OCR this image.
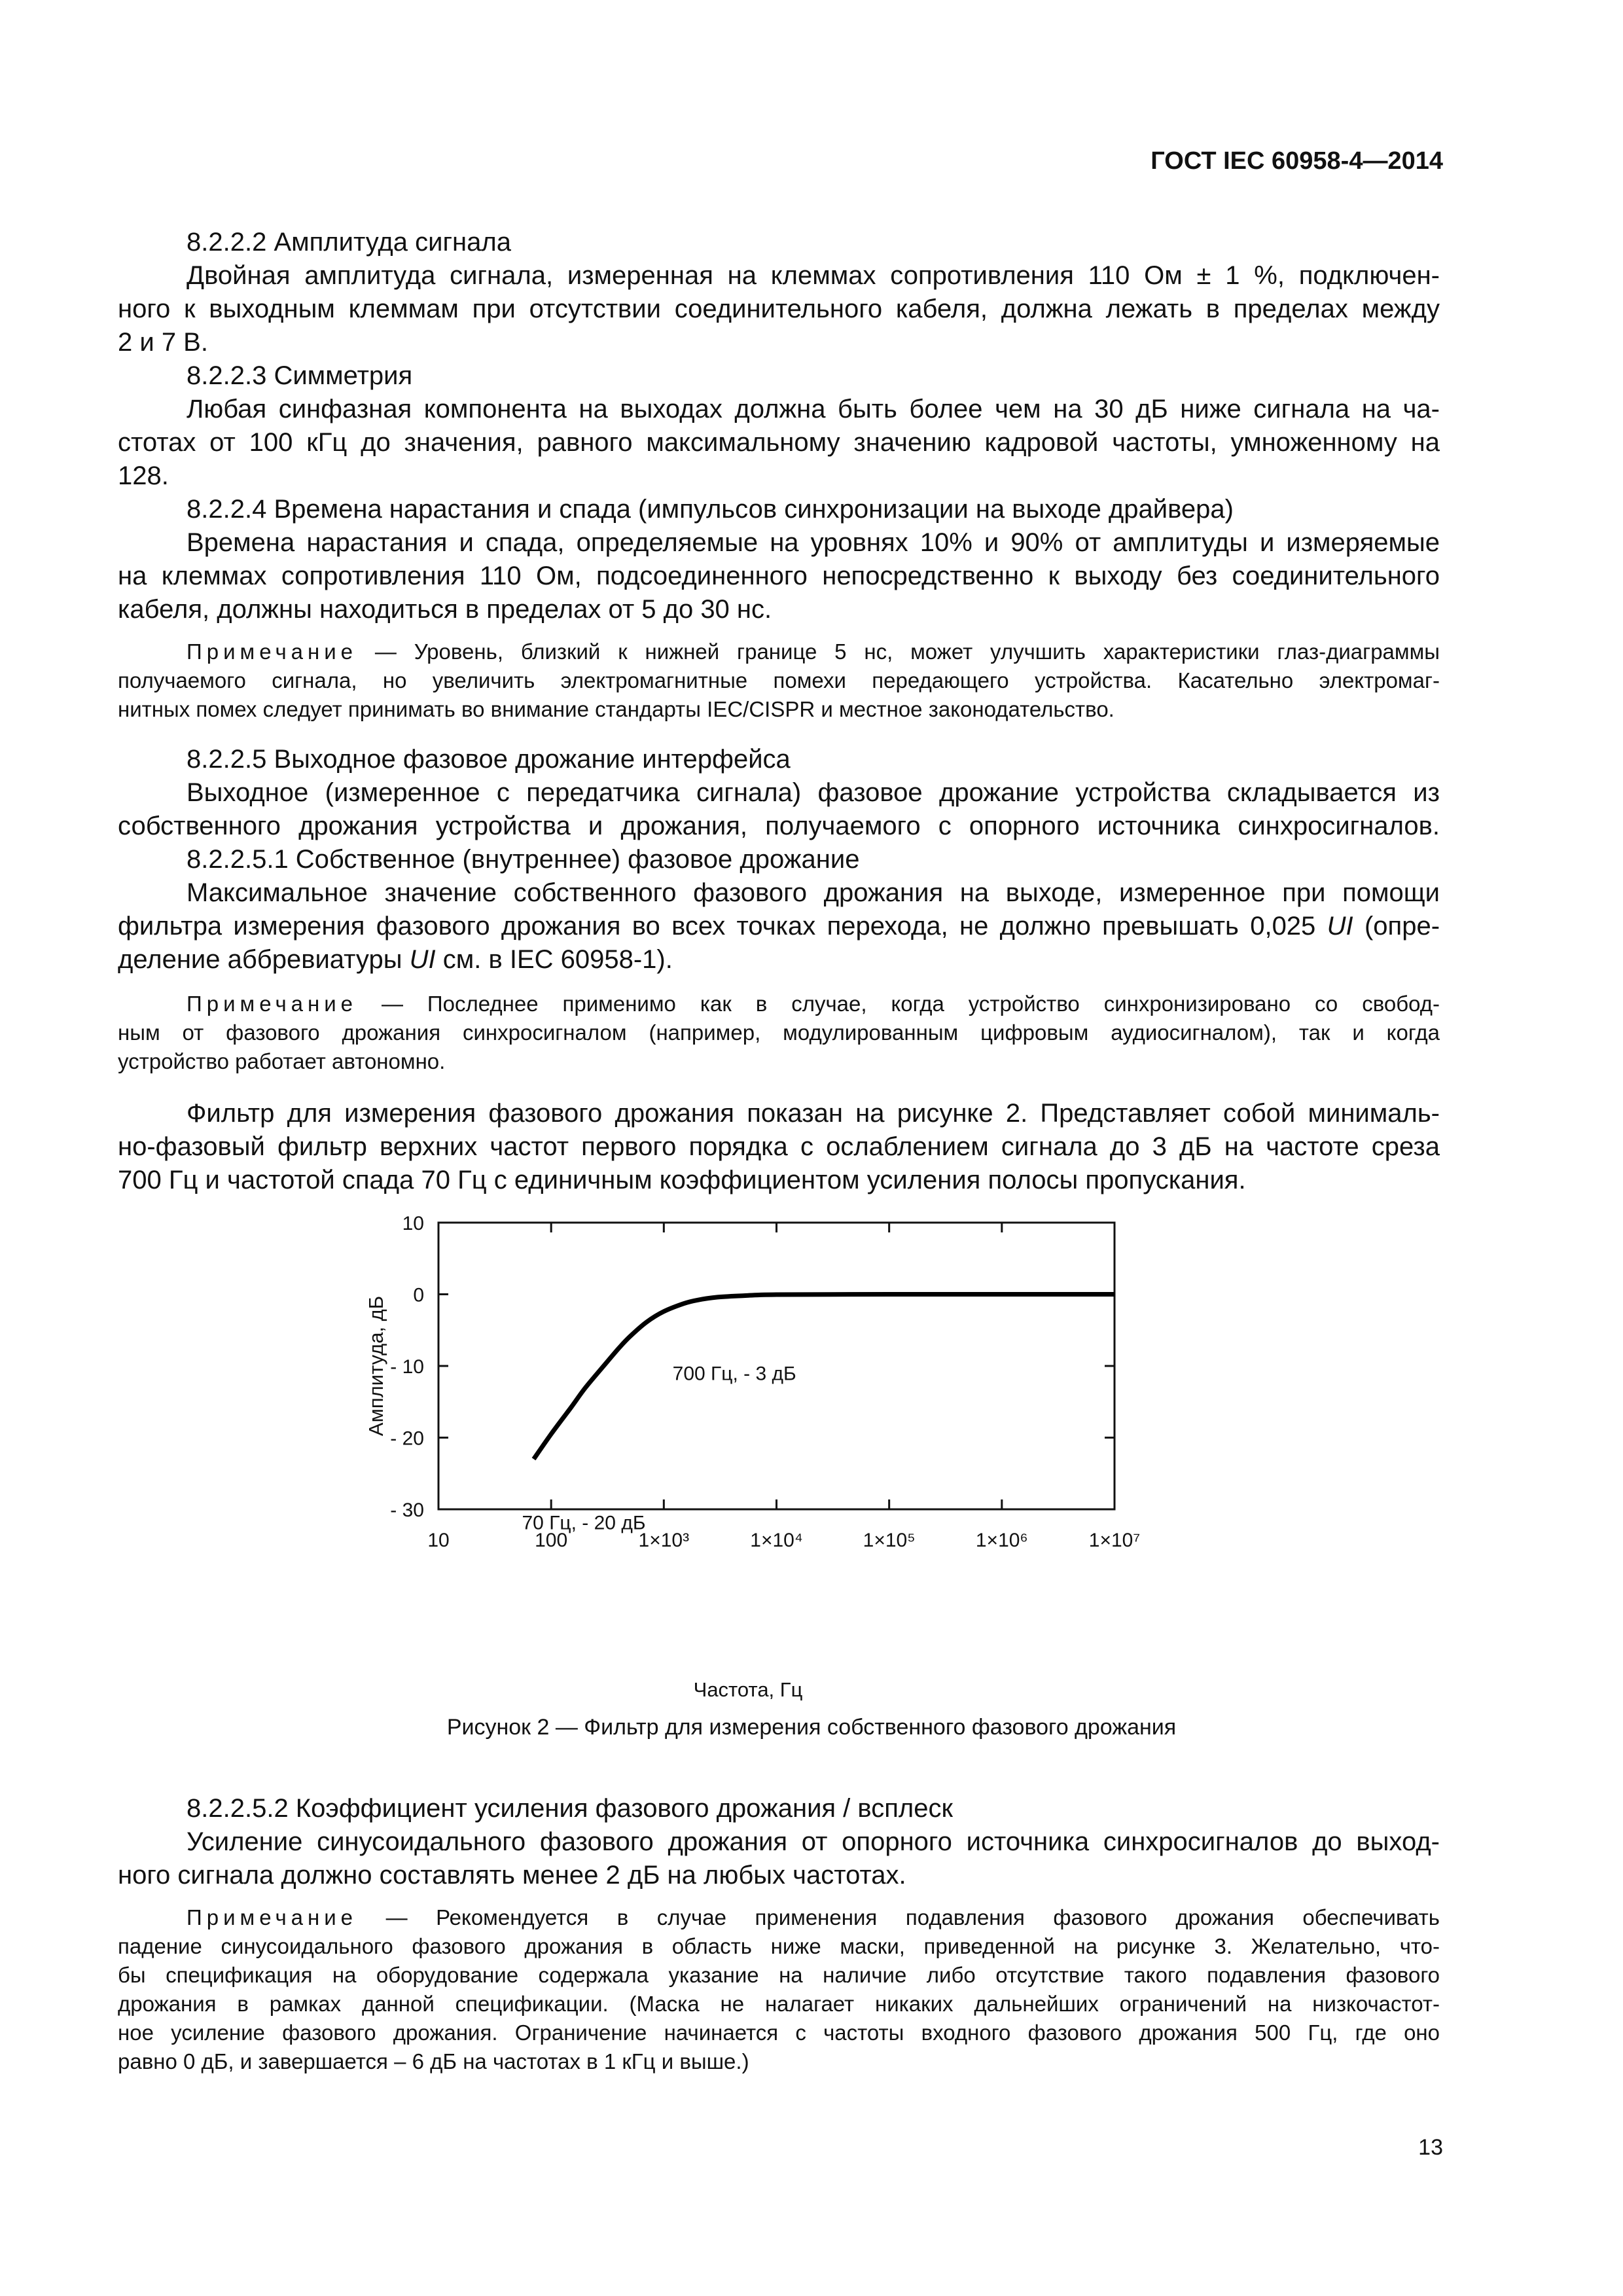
ГОСТ IEC 60958-4—2014
8.2.2.2 Амплитуда сигнала
Двойная амплитуда сигнала, измеренная на клеммах сопротивления 110 Ом ± 1 %, подключен-
ного к выходным клеммам при отсутствии соединительного кабеля, должна лежать в пределах между
2 и 7 В.
8.2.2.3 Симметрия
Любая синфазная компонента на выходах должна быть более чем на 30 дБ ниже сигнала на ча-
стотах от 100 кГц до значения, равного максимальному значению кадровой частоты, умноженному на
128.
8.2.2.4 Времена нарастания и спада (импульсов синхронизации на выходе драйвера)
Времена нарастания и спада, определяемые на уровнях 10% и 90% от амплитуды и измеряемые
на клеммах сопротивления 110 Ом, подсоединенного непосредственно к выходу без соединительного
кабеля, должны находиться в пределах от 5 до 30 нс.
Примечание — Уровень, близкий к нижней границе 5 нс, может улучшить характеристики глаз-диаграммы
получаемого сигнала, но увеличить электромагнитные помехи передающего устройства. Касательно электромаг-
нитных помех следует принимать во внимание стандарты IEC/CISPR и местное законодательство.
8.2.2.5 Выходное фазовое дрожание интерфейса
Выходное (измеренное с передатчика сигнала) фазовое дрожание устройства складывается из
собственного дрожания устройства и дрожания, получаемого с опорного источника синхросигналов.
8.2.2.5.1 Собственное (внутреннее) фазовое дрожание
Максимальное значение собственного фазового дрожания на выходе, измеренное при помощи
фильтра измерения фазового дрожания во всех точках перехода, не должно превышать 0,025 UI (опре-
деление аббревиатуры UI см. в IEC 60958-1).
Примечание — Последнее применимо как в случае, когда устройство синхронизировано со свобод-
ным от фазового дрожания синхросигналом (например, модулированным цифровым аудиосигналом), так и когда
устройство работает автономно.
Фильтр для измерения фазового дрожания показан на рисунке 2. Представляет собой минималь-
но-фазовый фильтр верхних частот первого порядка с ослаблением сигнала до 3 дБ на частоте среза
700 Гц и частотой спада 70 Гц с единичным коэффициентом усиления полосы пропускания.
10	100	1×10³	1×10⁴	1×10⁵	1×10⁶	1×10⁷
10
0
- 10
- 20
- 30
700 Гц, - 3 дБ
70 Гц, - 20 дБ
Частота, Гц
Амплитуда, дБ
Рисунок 2 — Фильтр для измерения собственного фазового дрожания
8.2.2.5.2 Коэффициент усиления фазового дрожания / всплеск
Усиление синусоидального фазового дрожания от опорного источника синхросигналов до выход-
ного сигнала должно составлять менее 2 дБ на любых частотах.
Примечание — Рекомендуется в случае применения подавления фазового дрожания обеспечивать
падение синусоидального фазового дрожания в область ниже маски, приведенной на рисунке 3. Желательно, что-
бы спецификация на оборудование содержала указание на наличие либо отсутствие такого подавления фазового
дрожания в рамках данной спецификации. (Маска не налагает никаких дальнейших ограничений на низкочастот-
ное усиление фазового дрожания. Ограничение начинается с частоты входного фазового дрожания 500 Гц, где оно
равно 0 дБ, и завершается – 6 дБ на частотах в 1 кГц и выше.)
13
